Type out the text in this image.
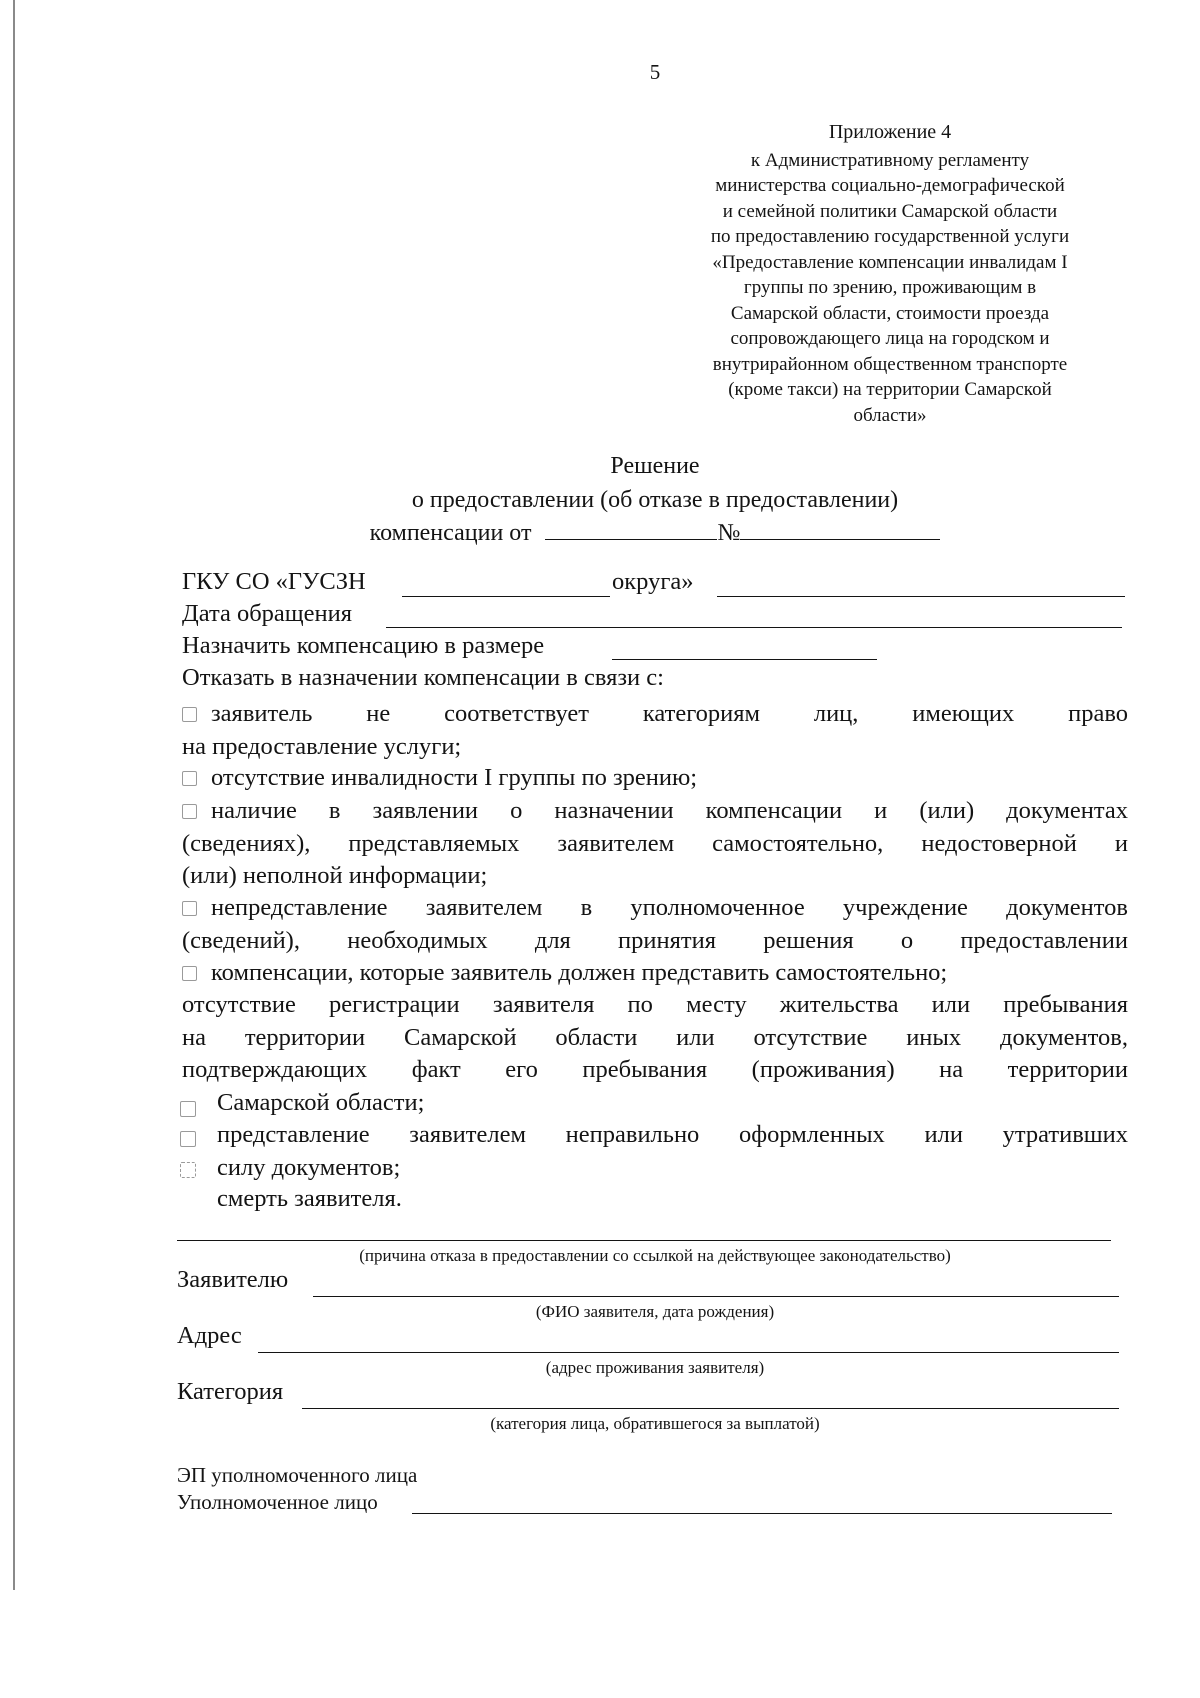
5
Приложение 4
к Административному регламенту
министерства социально-демографической
и семейной политики Самарской области
по предоставлению государственной услуги
«Предоставление компенсации инвалидам I
группы по зрению, проживающим в
Самарской области, стоимости проезда
сопровождающего лица на городском и
внутрирайонном общественном транспорте
(кроме такси) на территории Самарской
области»
Решение
о предоставлении (об отказе в предоставлении)
компенсации от	№
ГКУ СО «ГУСЗН	округа»
Дата обращения
Назначить компенсацию в размере
Отказать в назначении компенсации в связи с:
заявитель не соответствует категориям лиц, имеющих право
на предоставление услуги;
отсутствие инвалидности I группы по зрению;
наличие в заявлении о назначении компенсации и (или) документах
(сведениях), представляемых заявителем самостоятельно, недостоверной и
(или) неполной информации;
непредставление заявителем в уполномоченное учреждение документов
(сведений), необходимых для принятия решения о предоставлении
компенсации, которые заявитель должен представить самостоятельно;
отсутствие регистрации заявителя по месту жительства или пребывания
на территории Самарской области или отсутствие иных документов,
подтверждающих факт его пребывания (проживания) на территории
Самарской области;
представление заявителем неправильно оформленных или утративших
силу документов;
смерть заявителя.
(причина отказа в предоставлении со ссылкой на действующее законодательство)
Заявителю
(ФИО заявителя, дата рождения)
Адрес
(адрес проживания заявителя)
Категория
(категория лица, обратившегося за выплатой)
ЭП уполномоченного лица
Уполномоченное лицо
